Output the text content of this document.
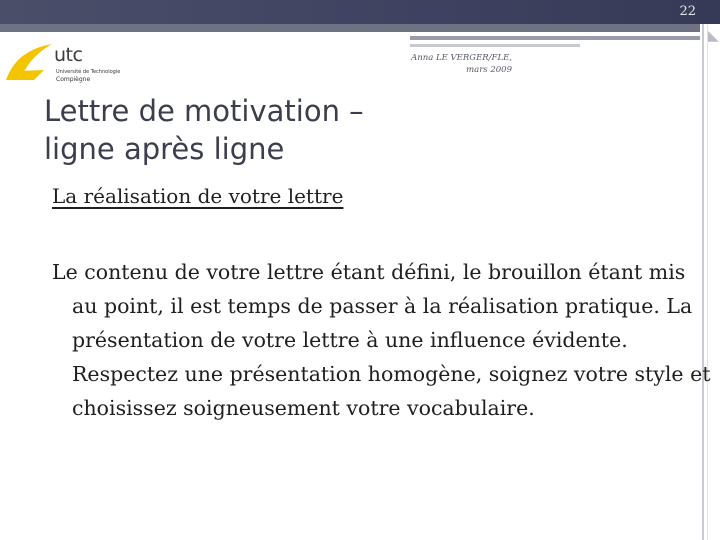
22
◣
utc
Université de Technologie
Compiègne
Anna LE VERGER/FLE,
mars 2009
Lettre de motivation –
ligne après ligne
La réalisation de votre lettre
Le contenu de votre lettre étant défini, le brouillon étant mis au point, il est temps de passer à la réalisation pratique. La présentation de votre lettre à une influence évidente. Respectez une présentation homogène, soignez votre style et choisissez soigneusement votre vocabulaire.
